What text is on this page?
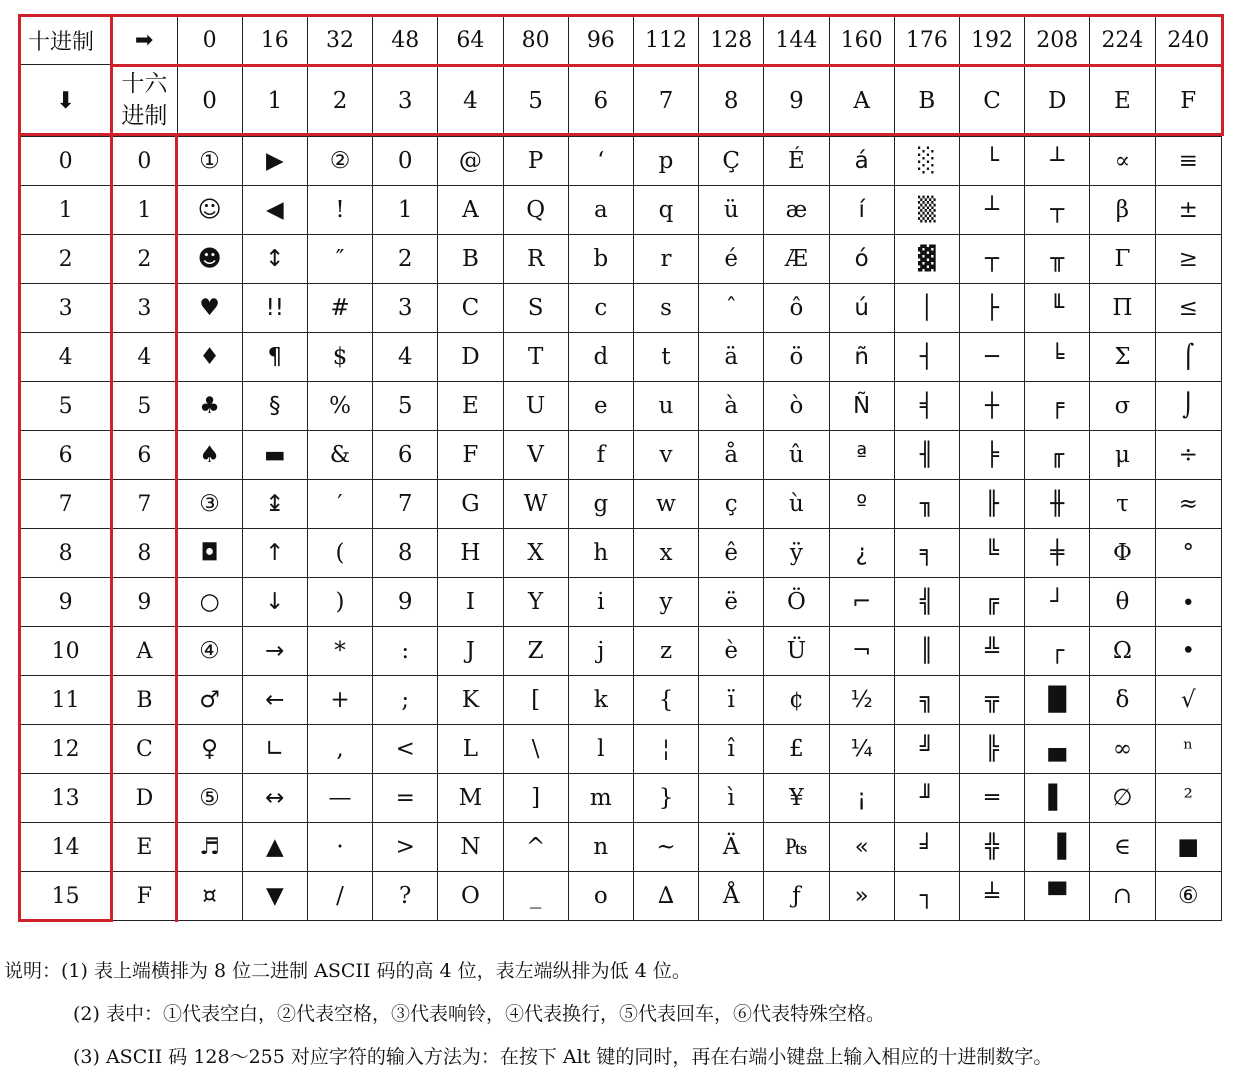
十进制	➡	0	16	32	48	64	80	96	112	128	144	160	176	192	208	224	240
⬇	十六进制	0	1	2	3	4	5	6	7	8	9	A	B	C	D	E	F
0	0	①	▶	②	0	@	P	‘	p	Ç	É	á	░	└	┴	∝	≡
1	1	☺	◀	!	1	A	Q	a	q	ü	æ	í	▒	┴	┬	β	±
2	2	☻	↕	″	2	B	R	b	r	é	Æ	ó	▓	┬	╥	Γ	≥
3	3	♥	!!	#	3	C	S	c	s	ˆ	ô	ú	│	├	╙	Π	≤
4	4	♦	¶	$	4	D	T	d	t	ä	ö	ñ	┤	─	╘	Σ	⌠
5	5	♣	§	%	5	E	U	e	u	à	ò	Ñ	╡	┼	╒	σ	⌡
6	6	♠	▬	&	6	F	V	f	v	å	û	ª	╢	╞	╓	μ	÷
7	7	③	↨	′	7	G	W	g	w	ç	ù	º	╖	╟	╫	τ	≈
8	8	◘	↑	(	8	H	X	h	x	ê	ÿ	¿	╕	╚	╪	Φ	°
9	9	○	↓	)	9	I	Y	i	y	ë	Ö	⌐	╣	╔	┘	θ	∙
10	A	④	→	*	:	J	Z	j	z	è	Ü	¬	║	╩	┌	Ω	•
11	B	♂	←	+	;	K	[	k	{	ï	¢	½	╗	╦	█	δ	√
12	C	♀	∟	,	<	L	\	l	¦	î	£	¼	╝	╠	▄	∞	ⁿ
13	D	⑤	↔	—	=	M	]	m	}	ì	¥	¡	╜	═	▌	∅	²
14	E	♬	▲	·	>	N	^	n	~	Ä	₧	«	╛	╬	▐	∈	■
15	F	¤	▼	/	?	O	_	o	∆	Å	ƒ	»	┐	╧	▀	∩	⑥

说明：(1) 表上端横排为 8 位二进制 ASCII 码的高 4 位，表左端纵排为低 4 位。

(2) 表中：①代表空白，②代表空格，③代表响铃，④代表换行，⑤代表回车，⑥代表特殊空格。

(3) ASCII 码 128～255 对应字符的输入方法为：在按下 Alt 键的同时，再在右端小键盘上输入相应的十进制数字。
